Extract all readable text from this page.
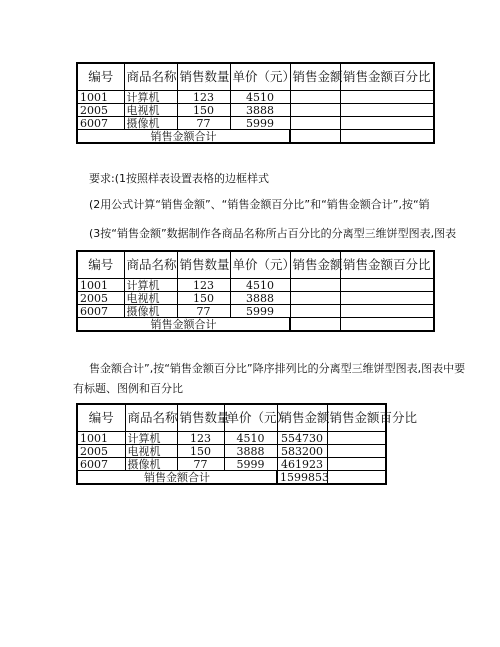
编号	商品名称	销售数量	单价（元）	销售金额	销售金额百分比
1001	计算机	123	4510		
2005	电视机	150	3888		
6007	摄像机	77	5999		
销售金额合计					
要求:(1按照样表设置表格的边框样式
(2用公式计算“销售金额”、“销售金额百分比”和“销售金额合计”,按“销
(3按“销售金额”数据制作各商品名称所占百分比的分离型三维饼型图表,图表
编号	商品名称	销售数量	单价（元）	销售金额	销售金额百分比
1001	计算机	123	4510		
2005	电视机	150	3888		
6007	摄像机	77	5999		
销售金额合计					
售金额合计”,按“销售金额百分比”降序排列比的分离型三维饼型图表,图表中要
有标题、图例和百分比
编号	商品名称	销售数量	单价（元）	销售金额	销售金额百分比
1001	计算机	123	4510	554730	
2005	电视机	150	3888	583200	
6007	摄像机	77	5999	461923	
销售金额合计				1599853	
